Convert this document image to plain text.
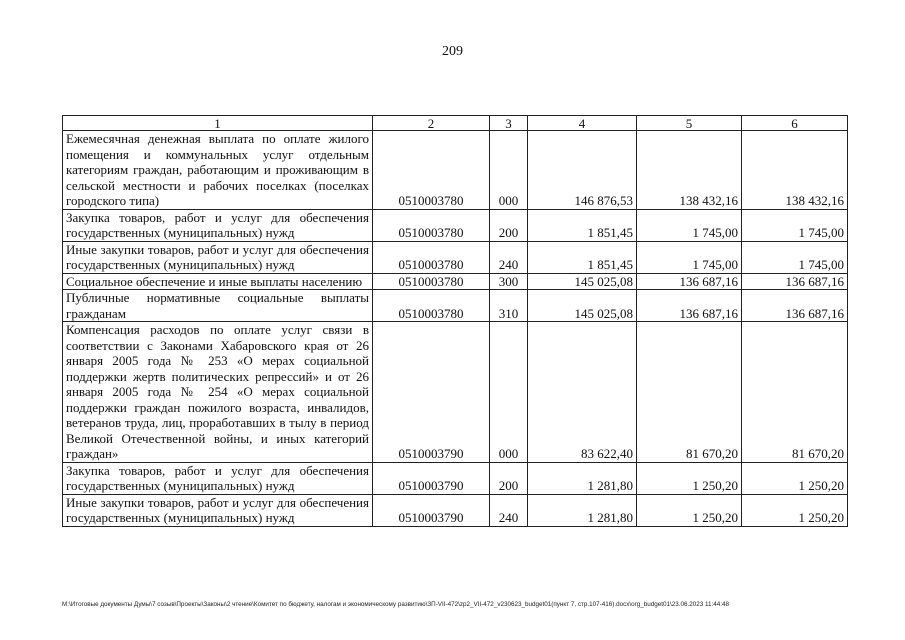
209
1	2	3	4	5	6
Ежемесячная денежная выплата по оплате жилого помещения и коммунальных услуг отдельным категориям граждан, работающим и проживающим в сельской местности и рабочих поселках (поселках городского типа)	0510003780	000	146 876,53	138 432,16	138 432,16
Закупка товаров, работ и услуг для обеспечения государственных (муниципальных) нужд	0510003780	200	1 851,45	1 745,00	1 745,00
Иные закупки товаров, работ и услуг для обеспечения государственных (муниципальных) нужд	0510003780	240	1 851,45	1 745,00	1 745,00
Социальное обеспечение и иные выплаты населению	0510003780	300	145 025,08	136 687,16	136 687,16
Публичные нормативные социальные выплаты гражданам	0510003780	310	145 025,08	136 687,16	136 687,16
Компенсация расходов по оплате услуг связи в соответствии с Законами Хабаровского края от 26 января 2005 года № 253 «О мерах социальной поддержки жертв политических репрессий» и от 26 января 2005 года № 254 «О мерах социальной поддержки граждан пожилого возраста, инвалидов, ветеранов труда, лиц, проработавших в тылу в период Великой Отечественной войны, и иных категорий граждан»	0510003790	000	83 622,40	81 670,20	81 670,20
Закупка товаров, работ и услуг для обеспечения государственных (муниципальных) нужд	0510003790	200	1 281,80	1 250,20	1 250,20
Иные закупки товаров, работ и услуг для обеспечения государственных (муниципальных) нужд	0510003790	240	1 281,80	1 250,20	1 250,20
M:\Итоговые документы Думы\7 созыв\Проекты\Законы\2 чтение\Комитет по бюджету, налогам и экономическому развитию\ЗП-VII-472\zp2_VII-472_v230623_budget01(пункт 7, стр.107-416).docx\org_budget01\23.06.2023 11:44:48
